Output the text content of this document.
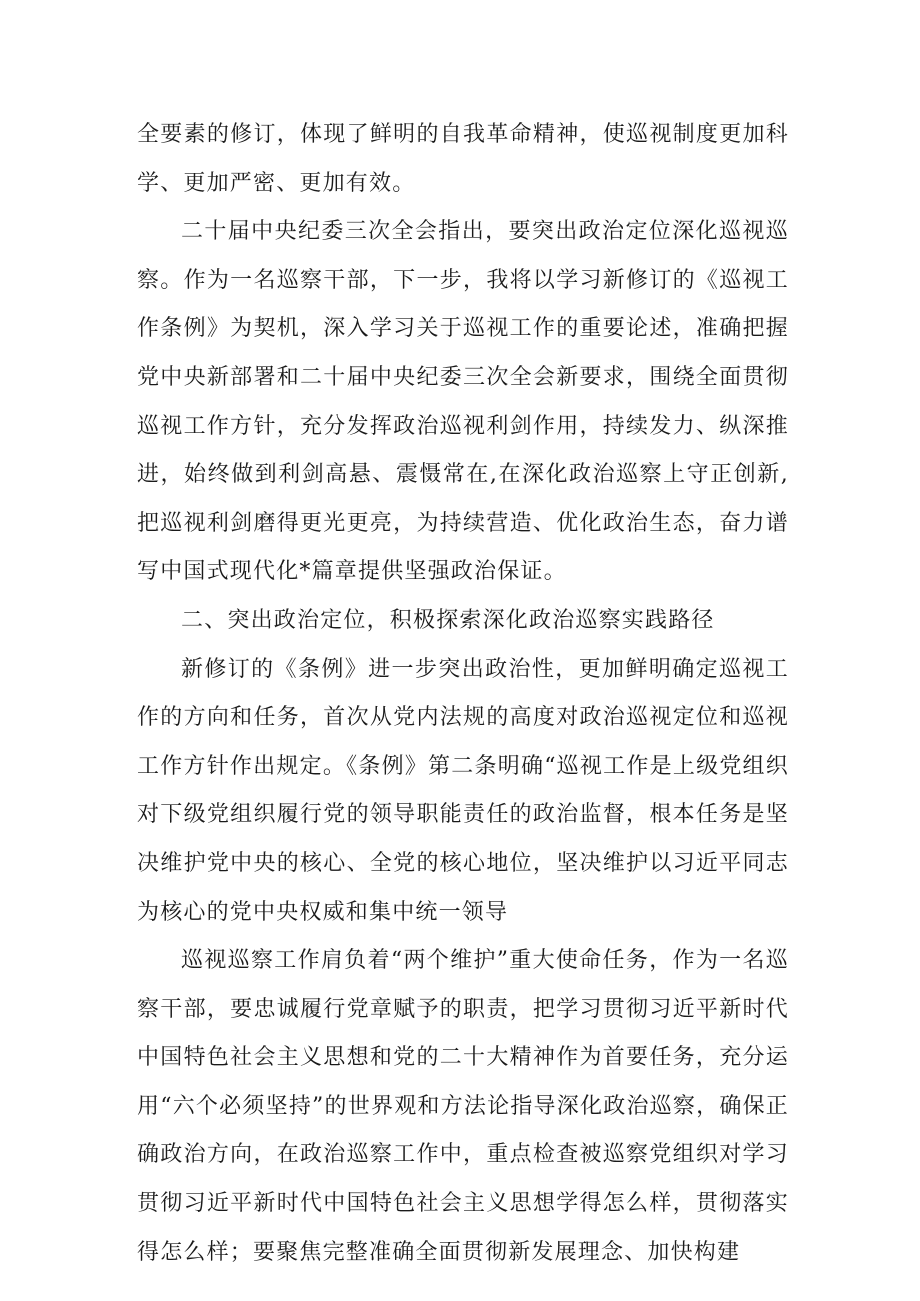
全要素的修订，体现了鲜明的自我革命精神，使巡视制度更加科学、更加严密、更加有效。

二十届中央纪委三次全会指出，要突出政治定位深化巡视巡察。作为一名巡察干部，下一步，我将以学习新修订的《巡视工作条例》为契机，深入学习关于巡视工作的重要论述，准确把握党中央新部署和二十届中央纪委三次全会新要求，围绕全面贯彻巡视工作方针，充分发挥政治巡视利剑作用，持续发力、纵深推进，始终做到利剑高悬、震慑常在,在深化政治巡察上守正创新,把巡视利剑磨得更光更亮，为持续营造、优化政治生态，奋力谱写中国式现代化*篇章提供坚强政治保证。

二、突出政治定位，积极探索深化政治巡察实践路径

新修订的《条例》进一步突出政治性，更加鲜明确定巡视工作的方向和任务，首次从党内法规的高度对政治巡视定位和巡视工作方针作出规定。《条例》第二条明确“巡视工作是上级党组织对下级党组织履行党的领导职能责任的政治监督，根本任务是坚决维护党中央的核心、全党的核心地位，坚决维护以习近平同志为核心的党中央权威和集中统一领导

巡视巡察工作肩负着“两个维护”重大使命任务，作为一名巡察干部，要忠诚履行党章赋予的职责，把学习贯彻习近平新时代中国特色社会主义思想和党的二十大精神作为首要任务，充分运用“六个必须坚持”的世界观和方法论指导深化政治巡察，确保正确政治方向，在政治巡察工作中，重点检查被巡察党组织对学习贯彻习近平新时代中国特色社会主义思想学得怎么样，贯彻落实得怎么样；要聚焦完整准确全面贯彻新发展理念、加快构建
